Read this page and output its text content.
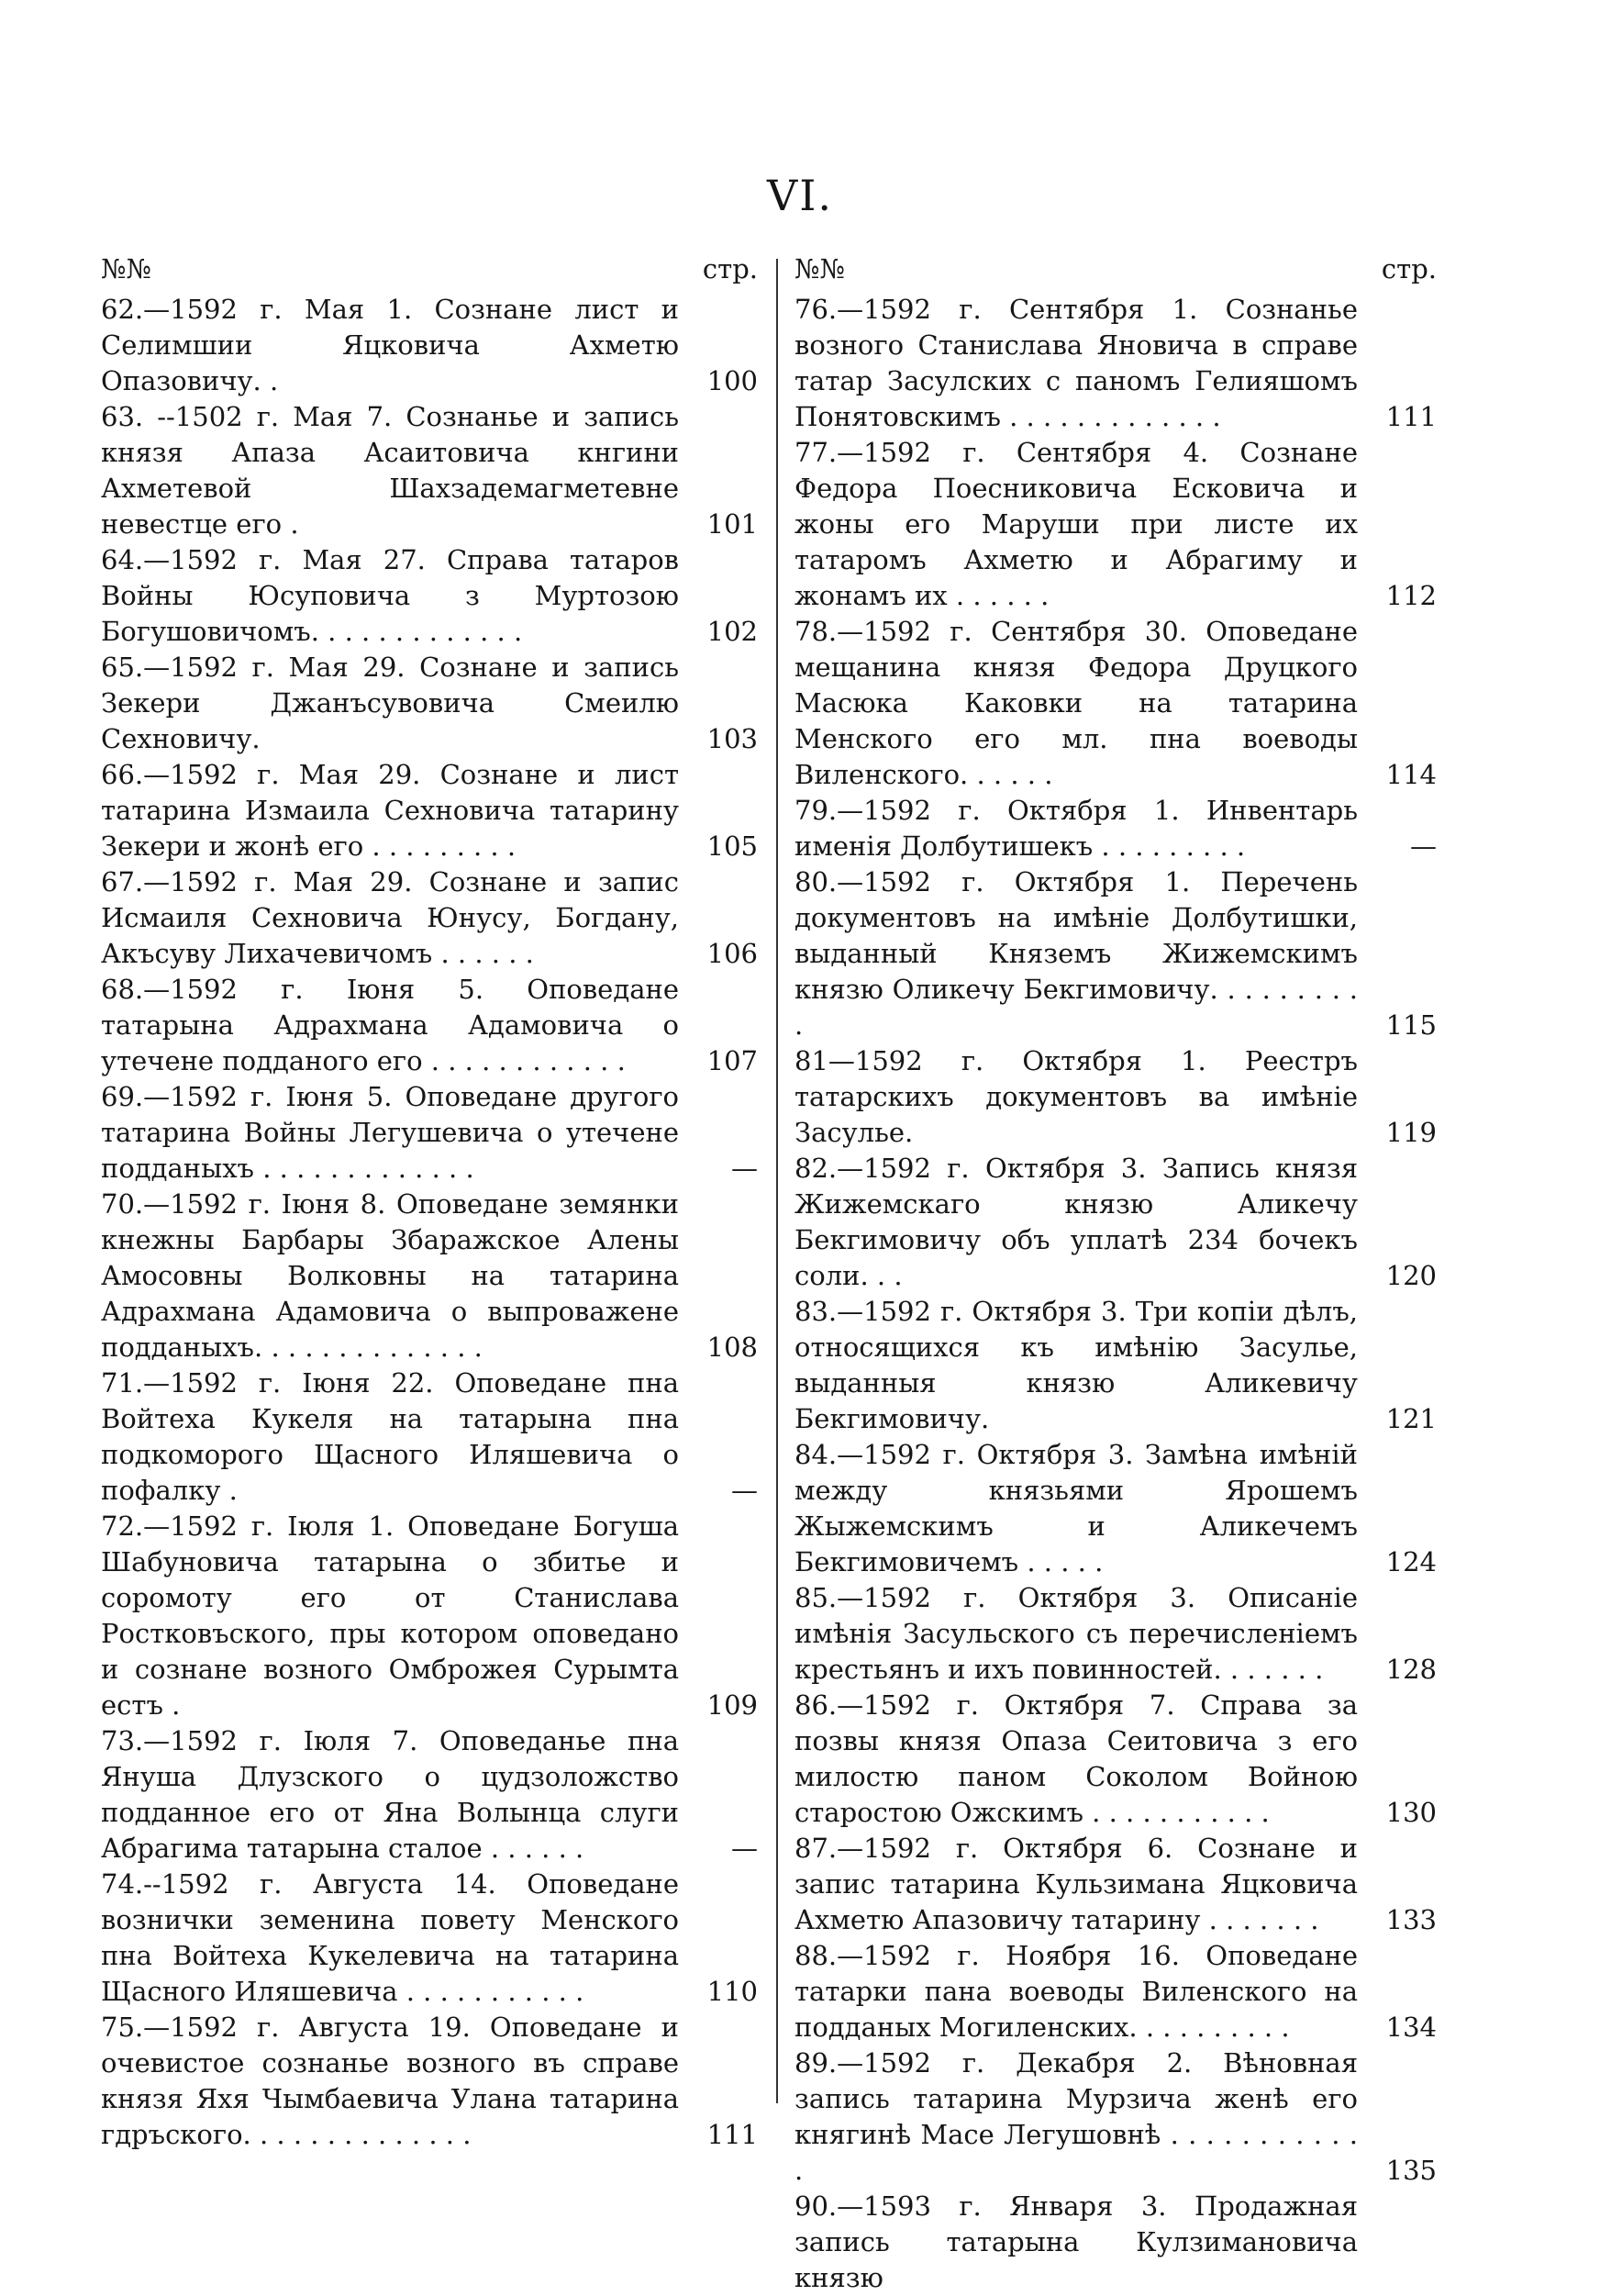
VI.
№№	стр.
62.—1592 г. Мая 1. Сознане лист и Селимшии Яцковича Ахметю Опазовичу. .	100
63. --1502 г. Мая 7. Сознанье и запись князя Апаза Асаитовича кнгини Ахметевой Шахзадемагметевне невестце его .	101
64.—1592 г. Мая 27. Справа татаров Войны Юсуповича з Муртозою Богушовичомъ. . . . . . . . . . . . .	102
65.—1592 г. Мая 29. Сознане и запись Зекери Джанъсувовича Смеилю Сехновичу.	103
66.—1592 г. Мая 29. Сознане и лист татарина Измаила Сехновича татарину Зекери и жонѣ его . . . . . . . . .	105
67.—1592 г. Мая 29. Сознане и запис Исмаиля Сехновича Юнусу, Богдану, Акъсуву Лихачевичомъ . . . . . .	106
68.—1592 г. Іюня 5. Оповедане татарына Адрахмана Адамовича о утечене подданого его . . . . . . . . . . . .	107
69.—1592 г. Іюня 5. Оповедане другого татарина Войны Легушевича о утечене подданыхъ . . . . . . . . . . . . .	—
70.—1592 г. Іюня 8. Оповедане земянки кнежны Барбары Збаражское Алены Амосовны Волковны на татарина Адрахмана Адамовича о выпроважене подданыхъ. . . . . . . . . . . . . .	108
71.—1592 г. Іюня 22. Оповедане пна Войтеха Кукеля на татарына пна подкоморого Щасного Иляшевича о пофалку .	—
72.—1592 г. Іюля 1. Оповедане Богуша Шабуновича татарына о збитье и соромоту его от Станислава Ростковъского, пры котором оповедано и сознане возного Омброжея Сурымта естъ .	109
73.—1592 г. Іюля 7. Оповеданье пна Януша Длузского о цудзоложство подданное его от Яна Волынца слуги Абрагима татарына сталое . . . . . .	—
74.--1592 г. Августа 14. Оповедане вознички земенина повету Менского пна Войтеха Кукелевича на татарина Щасного Иляшевича . . . . . . . . . . .	110
75.—1592 г. Августа 19. Оповедане и очевистое сознанье возного въ справе князя Яхя Чымбаевича Улана татарина гдръского. . . . . . . . . . . . . .	111
№№	стр.
76.—1592 г. Сентября 1. Сознанье возного Станислава Яновича в справе татар Засулских с паномъ Гелияшомъ Понятовскимъ . . . . . . . . . . . . .	111
77.—1592 г. Сентября 4. Сознане Федора Поесниковича Есковича и жоны его Маруши при листе их татаромъ Ахметю и Абрагиму и жонамъ их . . . . . .	112
78.—1592 г. Сентября 30. Оповедане мещанина князя Федора Друцкого Масюка Каковки на татарина Менского его мл. пна воеводы Виленского. . . . . .	114
79.—1592 г. Октября 1. Инвентарь именія Долбутишекъ . . . . . . . . .	—
80.—1592 г. Октября 1. Перечень документовъ на имѣніе Долбутишки, выданный Княземъ Жижемскимъ князю Оликечу Бекгимовичу. . . . . . . . . .	115
81—1592 г. Октября 1. Реестръ татарскихъ документовъ ва имѣніе Засулье.	119
82.—1592 г. Октября 3. Запись князя Жижемскаго князю Аликечу Бекгимовичу объ уплатѣ 234 бочекъ соли. . .	120
83.—1592 г. Октября 3. Три копіи дѣлъ, относящихся къ имѣнію Засулье, выданныя князю Аликевичу Бекгимовичу.	121
84.—1592 г. Октября 3. Замѣна имѣній между князьями Ярошемъ Жыжемскимъ и Аликечемъ Бекгимовичемъ . . . . .	124
85.—1592 г. Октября 3. Описаніе имѣнія Засульского съ перечисленіемъ крестьянъ и ихъ повинностей. . . . . . .	128
86.—1592 г. Октября 7. Справа за позвы князя Опаза Сеитовича з его милостю паном Соколом Войною старостою Ожскимъ . . . . . . . . . . .	130
87.—1592 г. Октября 6. Сознане и запис татарина Кульзимана Яцковича Ахметю Апазовичу татарину . . . . . . .	133
88.—1592 г. Ноября 16. Оповедане татарки пана воеводы Виленского на подданых Могиленских. . . . . . . . . .	134
89.—1592 г. Декабря 2. Вѣновная запись татарина Мурзича женѣ его княгинѣ Масе Легушовнѣ . . . . . . . . . . . .	135
90.—1593 г. Января 3. Продажная запись татарына Кулзимановича князю
